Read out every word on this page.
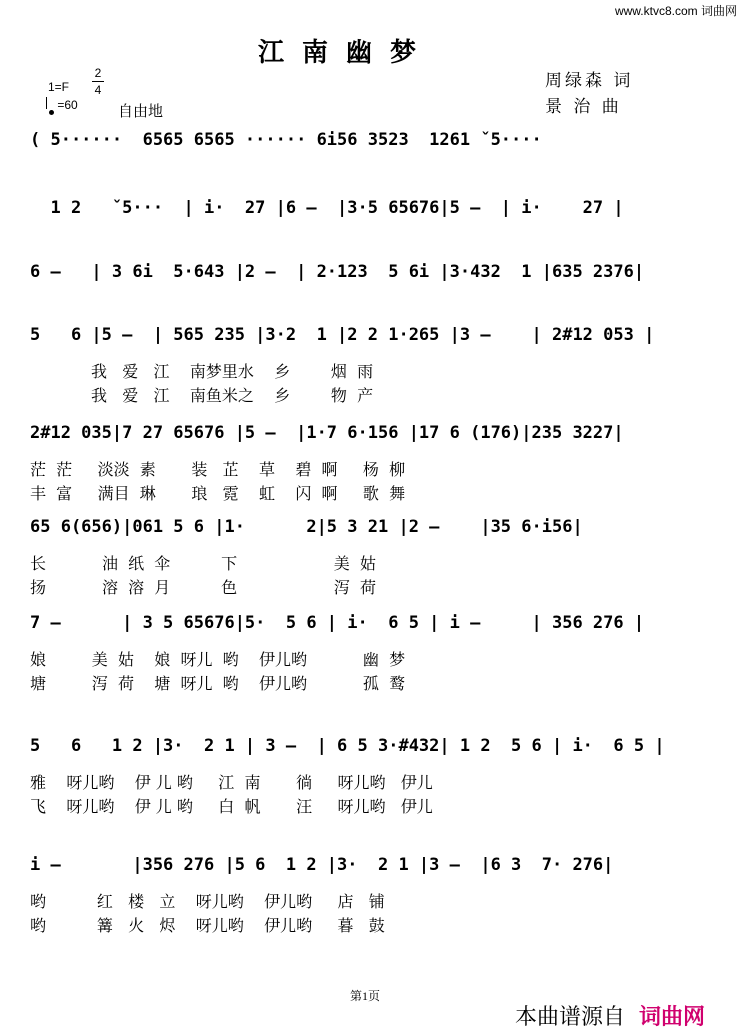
www.ktvc8.com 词曲网
江南幽梦
周绿森 词
景 治 曲
1=F
2
4
=60	自由地
( 5······  6565 6565 ······ 6i56 3523  1261 ˇ5····
1 2   ˇ5···  | i·  27 |6 –  |3·5 65676|5 –  | i·    27 |
6 –   | 3 6i  5·643 |2 –  | 2·123  5 6i |3·432  1 |635 2376|
5   6 |5 –  | 565 235 |3·2  1 |2 2 1·265 |3 –    | 2#12 053 |
我   爱   江    南梦里水    乡        烟  雨
我   爱   江    南鱼米之    乡        物  产
2#12 035|7 27 65676 |5 –  |1·7 6·156 |17 6 (176)|235 3227|
茫  茫     淡淡  素       装   芷    草    碧  啊     杨  柳
丰  富     满目  琳       琅   霓    虹    闪  啊     歌  舞
65 6(656)|061 5 6 |1·      2|5 3 21 |2 –    |35 6·i56|
长           油  纸  伞          下                   美  姑
扬           溶  溶  月          色                   泻  荷
7 –      | 3 5 65676|5·  5 6 | i·  6 5 | i –     | 356 276 |
娘         美  姑    娘  呀儿  哟    伊儿哟           幽  梦
塘         泻  荷    塘  呀儿  哟    伊儿哟           孤  鹜
5   6   1 2 |3·  2 1 | 3 –  | 6 5 3·#432| 1 2  5 6 | i·  6 5 |
雅    呀儿哟    伊 儿 哟     江  南       徜     呀儿哟   伊儿
飞    呀儿哟    伊 儿 哟     白  帆       汪     呀儿哟   伊儿
i –       |356 276 |5 6  1 2 |3·  2 1 |3 –  |6 3  7· 276|
哟          红   楼   立    呀儿哟    伊儿哟     店   铺
哟          篝   火   烬    呀儿哟    伊儿哟     暮   鼓
第1页
本曲谱源自 词曲网
